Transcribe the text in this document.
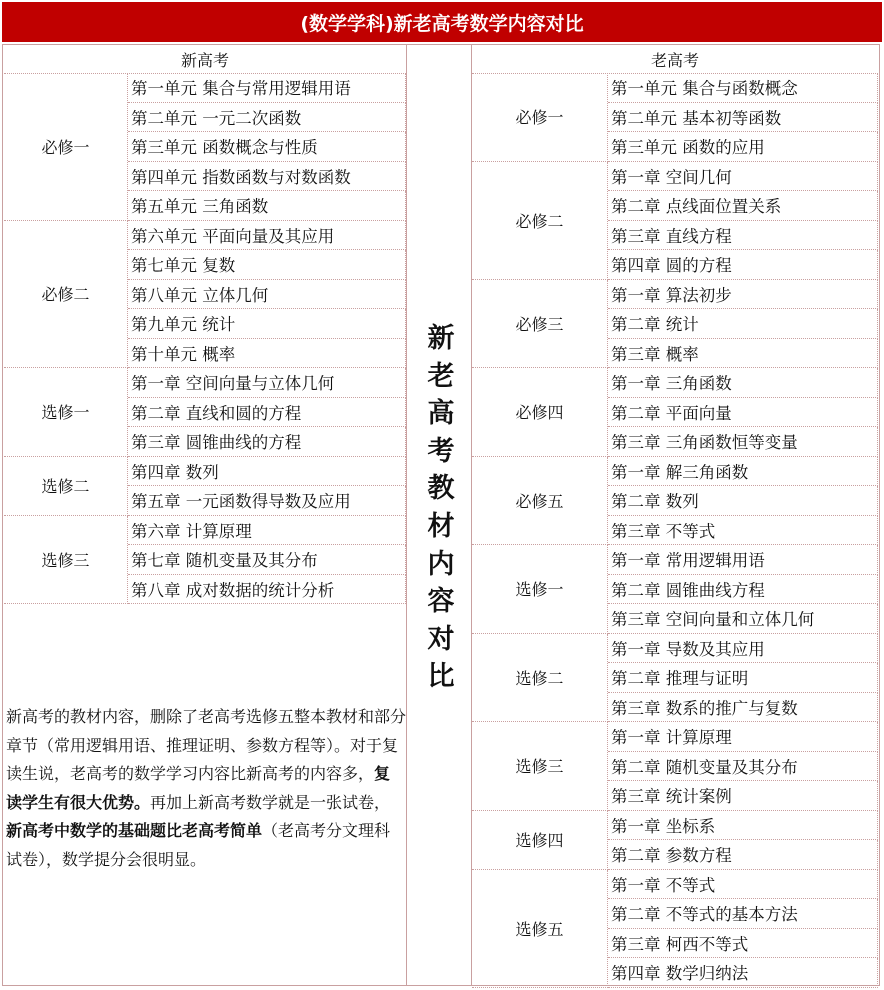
(数学学科)新老高考数学内容对比
新高考	老高考
必修一
第一单元 集合与常用逻辑用语
第二单元 一元二次函数
第三单元 函数概念与性质
第四单元 指数函数与对数函数
第五单元 三角函数
必修二
第六单元 平面向量及其应用
第七单元 复数
第八单元 立体几何
第九单元 统计
第十单元 概率
选修一
第一章 空间向量与立体几何
第二章 直线和圆的方程
第三章 圆锥曲线的方程
选修二
第四章 数列
第五章 一元函数得导数及应用
选修三
第六章 计算原理
第七章 随机变量及其分布
第八章 成对数据的统计分析
必修一
第一单元 集合与函数概念
第二单元 基本初等函数
第三单元 函数的应用
必修二
第一章 空间几何
第二章 点线面位置关系
第三章 直线方程
第四章 圆的方程
必修三
第一章 算法初步
第二章 统计
第三章 概率
必修四
第一章 三角函数
第二章 平面向量
第三章 三角函数恒等变量
必修五
第一章 解三角函数
第二章 数列
第三章 不等式
选修一
第一章 常用逻辑用语
第二章 圆锥曲线方程
第三章 空间向量和立体几何
选修二
第一章 导数及其应用
第二章 推理与证明
第三章 数系的推广与复数
选修三
第一章 计算原理
第二章 随机变量及其分布
第三章 统计案例
选修四
第一章 坐标系
第二章 参数方程
选修五
第一章 不等式
第二章 不等式的基本方法
第三章 柯西不等式
第四章 数学归纳法
新
老
高
考
教
材
内
容
对
比
新高考的教材内容，删除了老高考选修五整本教材和部分章节（常用逻辑用语、推理证明、参数方程等）。对于复读生说，老高考的数学学习内容比新高考的内容多，复读学生有很大优势。再加上新高考数学就是一张试卷，新高考中数学的基础题比老高考简单（老高考分文理科试卷），数学提分会很明显。
